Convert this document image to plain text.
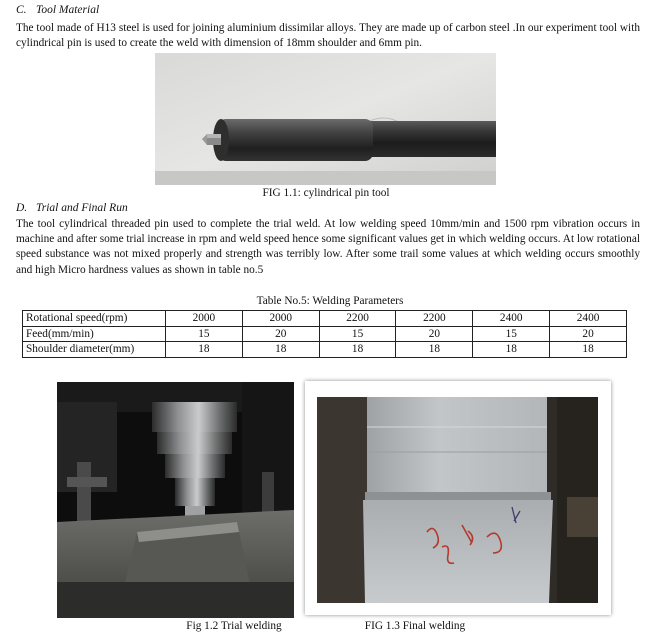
C. Tool Material

The tool made of H13 steel is used for joining aluminium dissimilar alloys. They are made up of carbon steel .In our experiment tool with cylindrical pin is used to create the weld with dimension of 18mm shoulder and 6mm pin.

FIG 1.1: cylindrical pin tool
D. Trial and Final Run

The tool cylindrical threaded pin used to complete the trial weld. At low welding speed 10mm/min and 1500 rpm vibration occurs in machine and after some trial increase in rpm and weld speed hence some significant values get in which welding occurs. At low rotational speed substance was not mixed properly and strength was terribly low. After some trail some values at which welding occurs smoothly and high Micro hardness values as shown in table no.5

Table No.5: Welding Parameters
Rotational speed(rpm)	2000	2000	2200	2200	2400	2400
Feed(mm/min)	15	20	15	20	15	20
Shoulder diameter(mm)	18	18	18	18	18	18
Fig 1.2 Trial welding	FIG 1.3 Final welding
